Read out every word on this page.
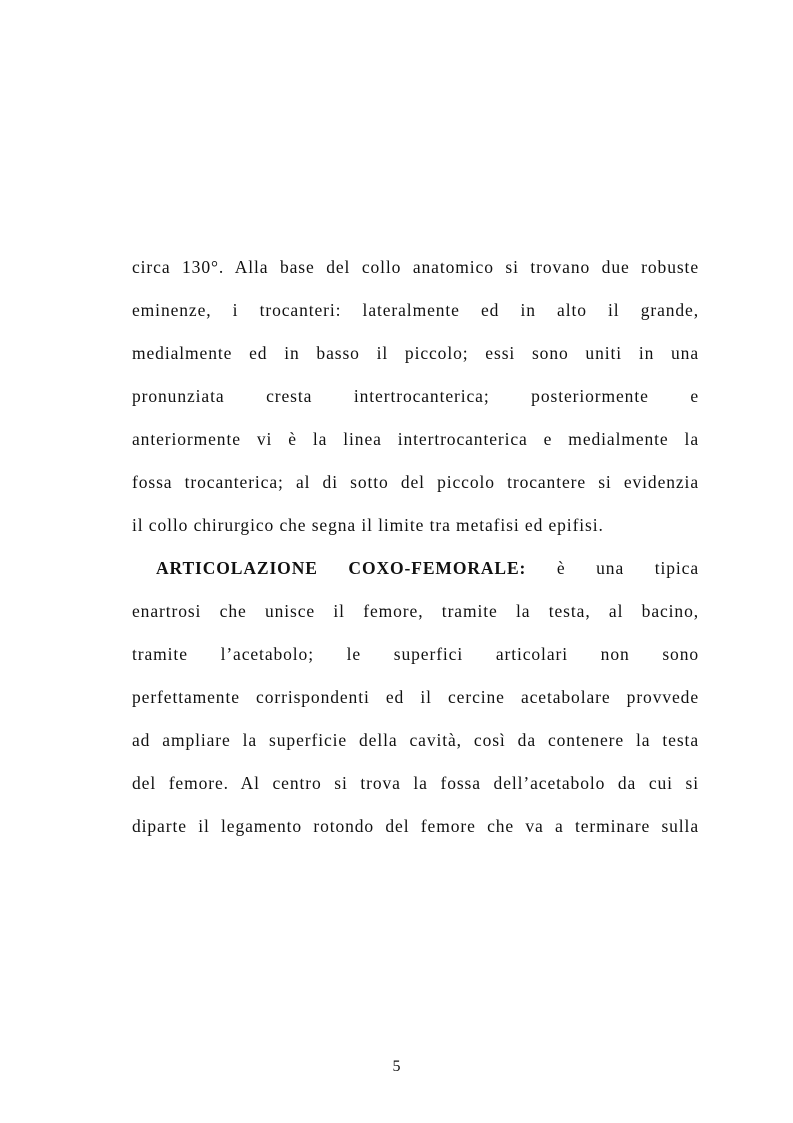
circa 130°. Alla base del collo anatomico si trovano due robuste
eminenze, i trocanteri: lateralmente ed in alto il grande,
medialmente ed in basso il piccolo; essi sono uniti in una
pronunziata cresta intertrocanterica; posteriormente e
anteriormente vi è la linea intertrocanterica e medialmente la
fossa trocanterica; al di sotto del piccolo trocantere si evidenzia
il collo chirurgico che segna il limite tra metafisi ed epifisi.
ARTICOLAZIONE COXO-FEMORALE: è una tipica
enartrosi che unisce il femore, tramite la testa, al bacino,
tramite l’acetabolo; le superfici articolari non sono
perfettamente corrispondenti ed il cercine acetabolare provvede
ad ampliare la superficie della cavità, così da contenere la testa
del femore. Al centro si trova la fossa dell’acetabolo da cui si
diparte il legamento rotondo del femore che va a terminare sulla
5
